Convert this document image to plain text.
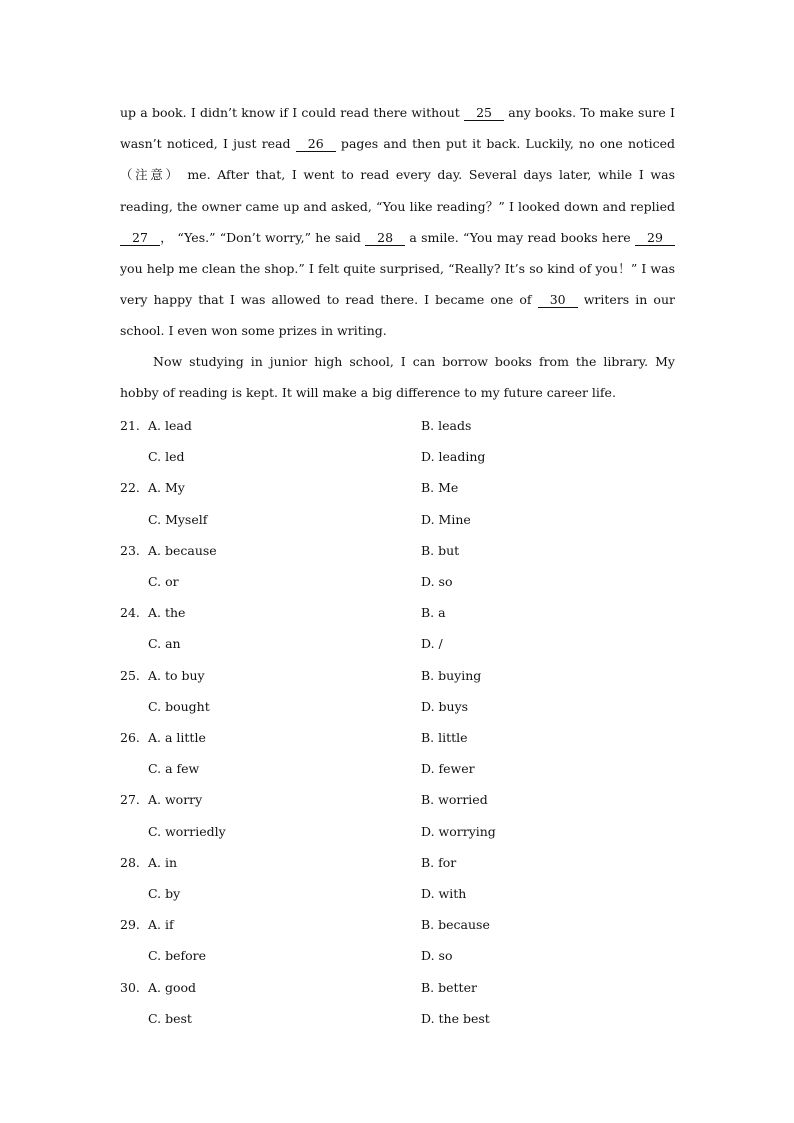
up a book. I didn’t know if I could read there without 25 any books. To make sure I wasn’t noticed, I just read 26 pages and then put it back. Luckily, no one noticed（注意） me. After that, I went to read every day. Several days later, while I was reading, the owner came up and asked, “You like reading？” I looked down and replied 27 ， “Yes.” “Don’t worry,” he said 28 a smile. “You may read books here 29 you help me clean the shop.” I felt quite surprised, “Really? It’s so kind of you！” I was very happy that I was allowed to read there. I became one of 30 writers in our school. I even won some prizes in writing.
Now studying in junior high school, I can borrow books from the library. My hobby of reading is kept. It will make a big difference to my future career life.
21. A. lead	B. leads
C. led	D. leading
22. A. My	B. Me
C. Myself	D. Mine
23. A. because	B. but
C. or	D. so
24. A. the	B. a
C. an	D. /
25. A. to buy	B. buying
C. bought	D. buys
26. A. a little	B. little
C. a few	D. fewer
27. A. worry	B. worried
C. worriedly	D. worrying
28. A. in	B. for
C. by	D. with
29. A. if	B. because
C. before	D. so
30. A. good	B. better
C. best	D. the best
